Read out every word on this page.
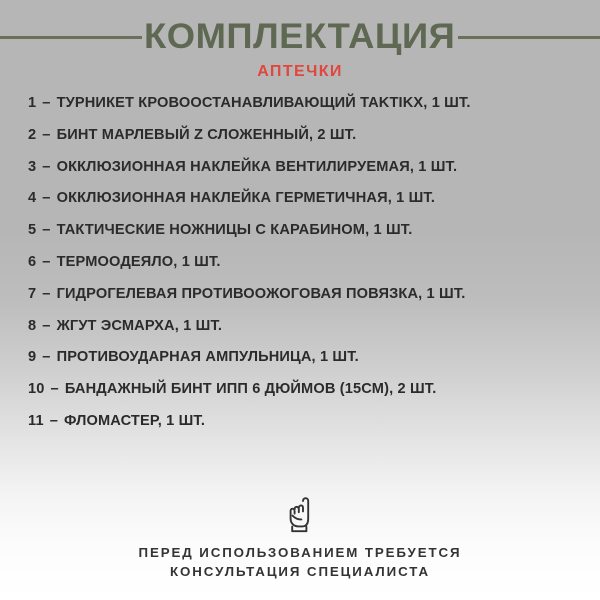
КОМПЛЕКТАЦИЯ
АПТЕЧКИ
1 – ТУРНИКЕТ КРОВООСТАНАВЛИВАЮЩИЙ TAKTIKX, 1 ШТ.
2 – БИНТ МАРЛЕВЫЙ Z СЛОЖЕННЫЙ, 2 ШТ.
3 – ОККЛЮЗИОННАЯ НАКЛЕЙКА ВЕНТИЛИРУЕМАЯ, 1 ШТ.
4 – ОККЛЮЗИОННАЯ НАКЛЕЙКА ГЕРМЕТИЧНАЯ, 1 ШТ.
5 – ТАКТИЧЕСКИЕ НОЖНИЦЫ С КАРАБИНОМ, 1 ШТ.
6 – ТЕРМООДЕЯЛО, 1 ШТ.
7 – ГИДРОГЕЛЕВАЯ ПРОТИВООЖОГОВАЯ ПОВЯЗКА, 1 ШТ.
8 – ЖГУТ ЭСМАРХА, 1 ШТ.
9 – ПРОТИВОУДАРНАЯ АМПУЛЬНИЦА, 1 ШТ.
10 – БАНДАЖНЫЙ БИНТ ИПП 6 ДЮЙМОВ (15СМ), 2 ШТ.
11 – ФЛОМАСТЕР, 1 ШТ.
ПЕРЕД ИСПОЛЬЗОВАНИЕМ ТРЕБУЕТСЯ
КОНСУЛЬТАЦИЯ СПЕЦИАЛИСТА
